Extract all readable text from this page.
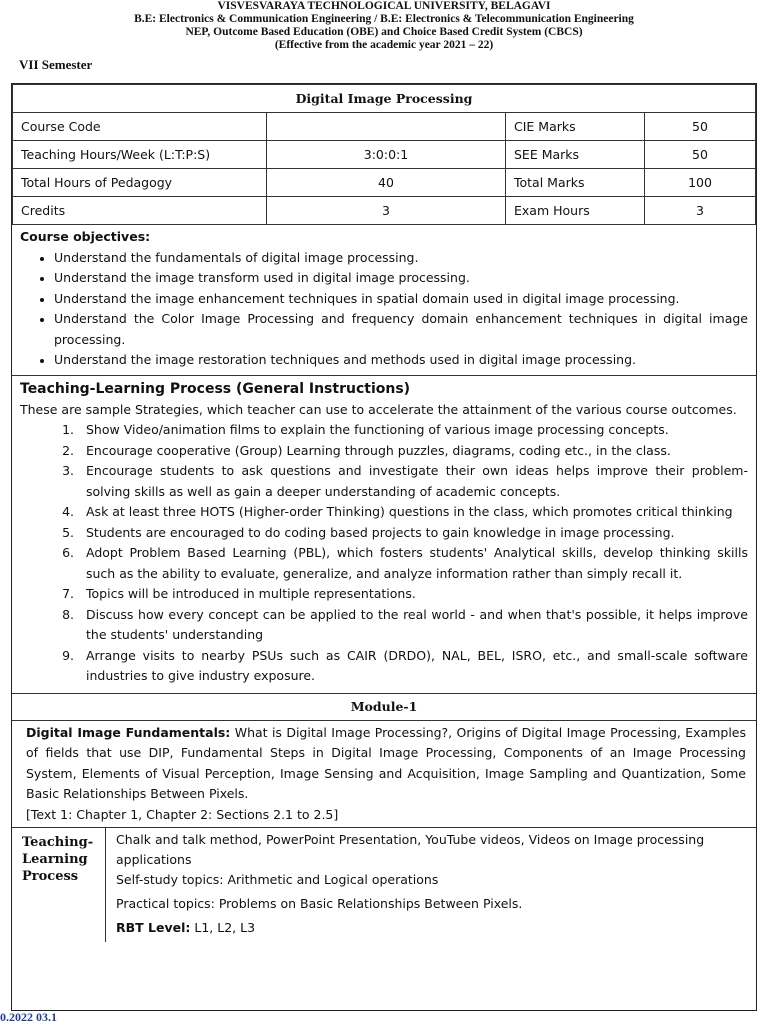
VISVESVARAYA TECHNOLOGICAL UNIVERSITY, BELAGAVI
B.E: Electronics & Communication Engineering / B.E: Electronics & Telecommunication Engineering
NEP, Outcome Based Education (OBE) and Choice Based Credit System (CBCS)
(Effective from the academic year 2021 – 22)
VII Semester
Digital Image Processing			
Course Code		CIE Marks	50
Teaching Hours/Week (L:T:P:S)	3:0:0:1	SEE Marks	50
Total Hours of Pedagogy	40	Total Marks	100
Credits	3	Exam Hours	3
Course objectives:
• Understand the fundamentals of digital image processing.
• Understand the image transform used in digital image processing.
• Understand the image enhancement techniques in spatial domain used in digital image processing.
• Understand the Color Image Processing and frequency domain enhancement techniques in digital image processing.
• Understand the image restoration techniques and methods used in digital image processing.
Teaching-Learning Process (General Instructions)
These are sample Strategies, which teacher can use to accelerate the attainment of the various course outcomes.
1. Show Video/animation films to explain the functioning of various image processing concepts.
2. Encourage cooperative (Group) Learning through puzzles, diagrams, coding etc., in the class.
3. Encourage students to ask questions and investigate their own ideas helps improve their problem-solving skills as well as gain a deeper understanding of academic concepts.
4. Ask at least three HOTS (Higher-order Thinking) questions in the class, which promotes critical thinking
5. Students are encouraged to do coding based projects to gain knowledge in image processing.
6. Adopt Problem Based Learning (PBL), which fosters students' Analytical skills, develop thinking skills such as the ability to evaluate, generalize, and analyze information rather than simply recall it.
7. Topics will be introduced in multiple representations.
8. Discuss how every concept can be applied to the real world - and when that's possible, it helps improve the students' understanding
9. Arrange visits to nearby PSUs such as CAIR (DRDO), NAL, BEL, ISRO, etc., and small-scale software industries to give industry exposure.
Module-1
Digital Image Fundamentals: What is Digital Image Processing?, Origins of Digital Image Processing, Examples of fields that use DIP, Fundamental Steps in Digital Image Processing, Components of an Image Processing System, Elements of Visual Perception, Image Sensing and Acquisition, Image Sampling and Quantization, Some Basic Relationships Between Pixels.
[Text 1: Chapter 1, Chapter 2: Sections 2.1 to 2.5]
Teaching-Learning Process

Chalk and talk method, PowerPoint Presentation, YouTube videos, Videos on Image processing applications

Self-study topics: Arithmetic and Logical operations

Practical topics: Problems on Basic Relationships Between Pixels.

RBT Level: L1, L2, L3

0.2022 03.1
